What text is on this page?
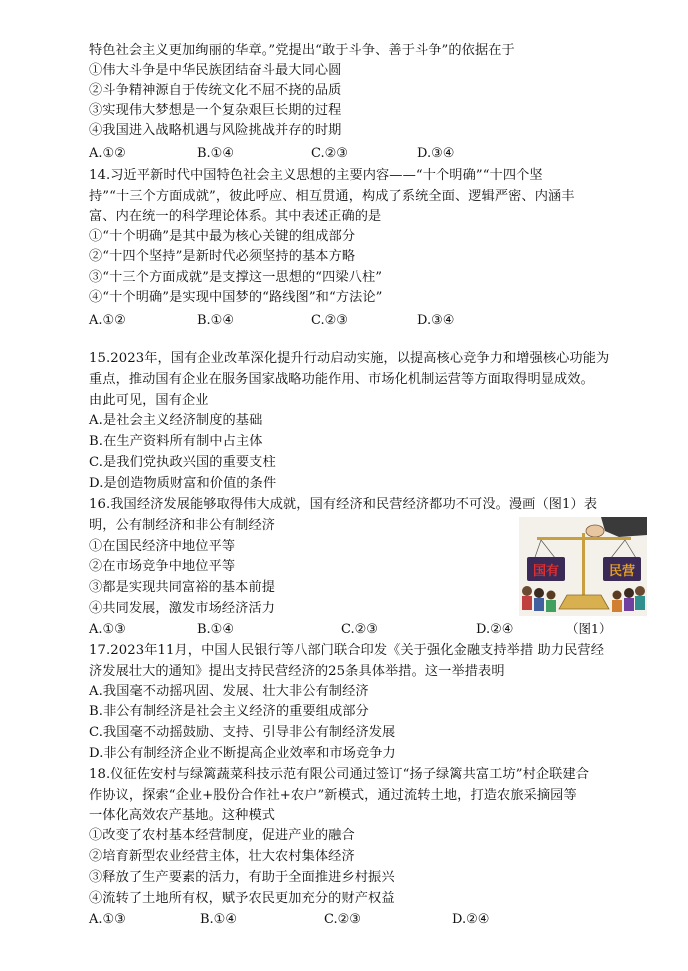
特色社会主义更加绚丽的华章。”党提出“敢于斗争、善于斗争”的依据在于
①伟大斗争是中华民族团结奋斗最大同心圆
②斗争精神源自于传统文化不屈不挠的品质
③实现伟大梦想是一个复杂艰巨长期的过程
④我国进入战略机遇与风险挑战并存的时期
A.①②	B.①④	C.②③	D.③④
14.习近平新时代中国特色社会主义思想的主要内容——“十个明确”“十四个坚
持”“十三个方面成就”，彼此呼应、相互贯通，构成了系统全面、逻辑严密、内涵丰
富、内在统一的科学理论体系。其中表述正确的是
①“十个明确”是其中最为核心关键的组成部分
②“十四个坚持”是新时代必须坚持的基本方略
③“十三个方面成就”是支撑这一思想的“四梁八柱”
④“十个明确”是实现中国梦的“路线图”和“方法论”
A.①②	B.①④	C.②③	D.③④
15.2023年，国有企业改革深化提升行动启动实施，以提高核心竞争力和增强核心功能为
重点，推动国有企业在服务国家战略功能作用、市场化机制运营等方面取得明显成效。
由此可见，国有企业
A.是社会主义经济制度的基础
B.在生产资料所有制中占主体
C.是我们党执政兴国的重要支柱
D.是创造物质财富和价值的条件
16.我国经济发展能够取得伟大成就，国有经济和民营经济都功不可没。漫画（图1）表
明，公有制经济和非公有制经济
①在国民经济中地位平等
②在市场竞争中地位平等
③都是实现共同富裕的基本前提
④共同发展，激发市场经济活力
A.①③	B.①④	C.②③	D.②④
国有	民营
（图1）
17.2023年11月，中国人民银行等八部门联合印发《关于强化金融支持举措 助力民营经
济发展壮大的通知》提出支持民营经济的25条具体举措。这一举措表明
A.我国毫不动摇巩固、发展、壮大非公有制经济
B.非公有制经济是社会主义经济的重要组成部分
C.我国毫不动摇鼓励、支持、引导非公有制经济发展
D.非公有制经济企业不断提高企业效率和市场竞争力
18.仪征佐安村与绿篱蔬菜科技示范有限公司通过签订“扬子绿篱共富工坊”村企联建合
作协议，探索“企业+股份合作社+农户”新模式，通过流转土地，打造农旅采摘园等
一体化高效农产基地。这种模式
①改变了农村基本经营制度，促进产业的融合
②培育新型农业经营主体，壮大农村集体经济
③释放了生产要素的活力，有助于全面推进乡村振兴
④流转了土地所有权，赋予农民更加充分的财产权益
A.①③	B.①④	C.②③	D.②④
